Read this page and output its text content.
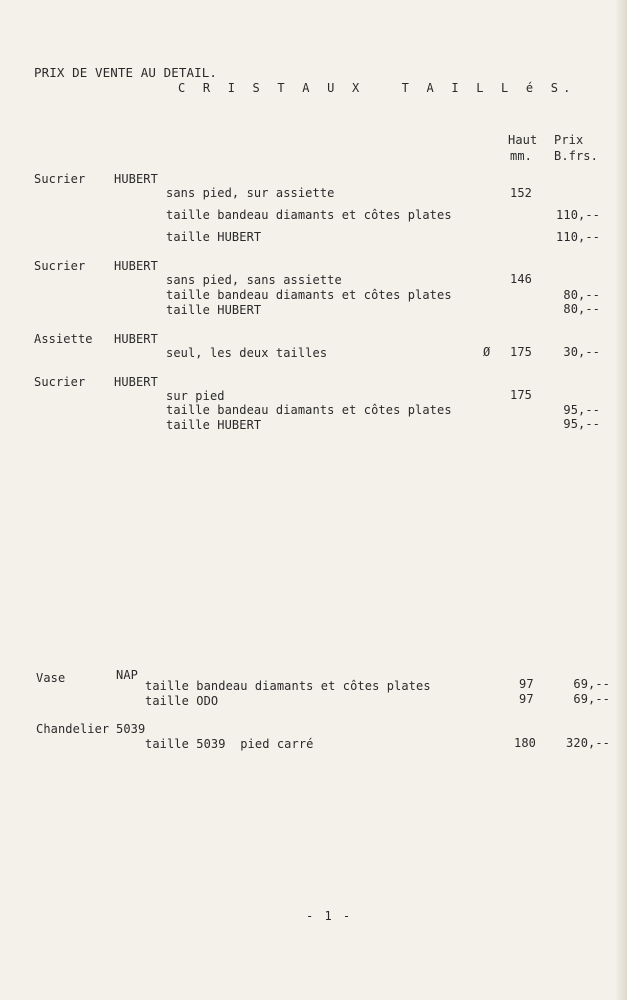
PRIX DE VENTE AU DETAIL.
C R I S T A U X   T A I L L é S.
Haut
mm.
Prix
B.frs.
Sucrier HUBERT
sans pied, sur assiette	152
taille bandeau diamants et côtes plates	110,--
taille HUBERT	110,--
Sucrier HUBERT
sans pied, sans assiette	146
taille bandeau diamants et côtes plates	80,--
taille HUBERT	80,--
Assiette HUBERT
seul, les deux tailles	Ø 175	30,--
Sucrier HUBERT
sur pied	175
taille bandeau diamants et côtes plates	95,--
taille HUBERT	95,--
Vase	NAP
taille bandeau diamants et côtes plates	97	69,--
taille ODO	97	69,--
Chandelier 5039
taille 5039  pied carré	180	320,--
- 1 -
